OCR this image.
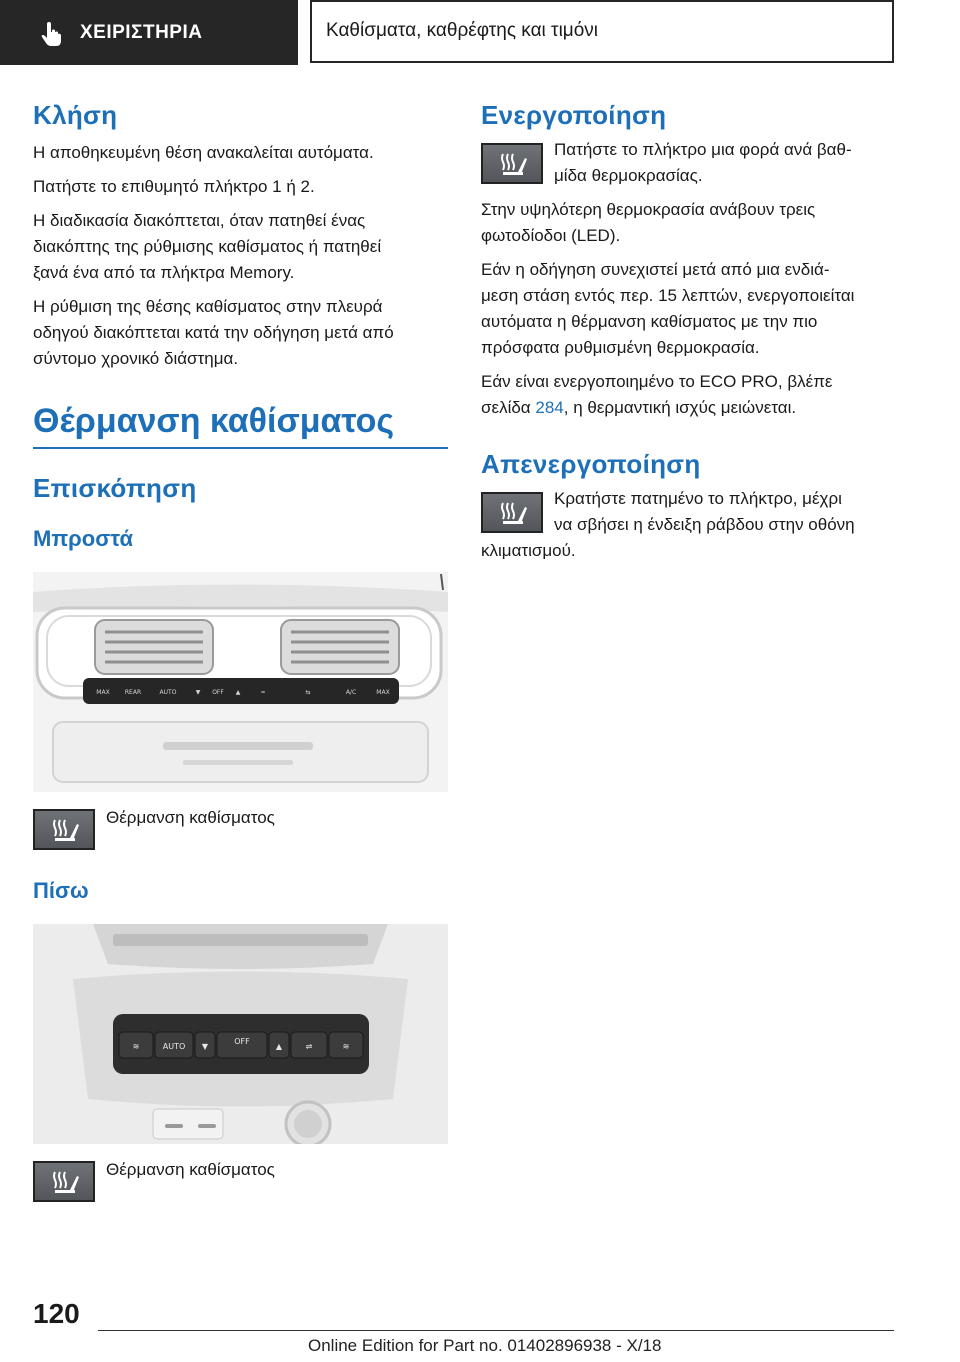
ΧΕΙΡΙΣΤΗΡΙΑ	Καθίσματα, καθρέφτης και τιμόνι
Κλήση

Η αποθηκευμένη θέση ανακαλείται αυτόματα.

Πατήστε το επιθυμητό πλήκτρο 1 ή 2.

Η διαδικασία διακόπτεται, όταν πατηθεί ένας

διακόπτης της ρύθμισης καθίσματος ή πατηθεί

ξανά ένα από τα πλήκτρα Memory.

Η ρύθμιση της θέσης καθίσματος στην πλευρά

οδηγού διακόπτεται κατά την οδήγηση μετά από

σύντομο χρονικό διάστημα.

Θέρμανση καθίσματος
Επισκόπηση
Μπροστά
MAX	REAR	AUTO	▼ OFF ▲	≈	⇆	A/C	MAX

Θέρμανση καθίσματος

Πίσω
≋	AUTO ▼
OFF
▲	⇌	≋

Θέρμανση καθίσματος

Ενεργοποίηση

Πατήστε το πλήκτρο μια φορά ανά βαθ-

μίδα θερμοκρασίας.

Στην υψηλότερη θερμοκρασία ανάβουν τρεις

φωτοδίοδοι (LED).

Εάν η οδήγηση συνεχιστεί μετά από μια ενδιά-

μεση στάση εντός περ. 15 λεπτών, ενεργοποιείται

αυτόματα η θέρμανση καθίσματος με την πιο

πρόσφατα ρυθμισμένη θερμοκρασία.

Εάν είναι ενεργοποιημένο το ECO PRO, βλέπε

σελίδα 284, η θερμαντική ισχύς μειώνεται.

Απενεργοποίηση

Κρατήστε πατημένο το πλήκτρο, μέχρι

να σβήσει η ένδειξη ράβδου στην οθόνη

κλιματισμού.

120
Online Edition for Part no. 01402896938 - X/18
